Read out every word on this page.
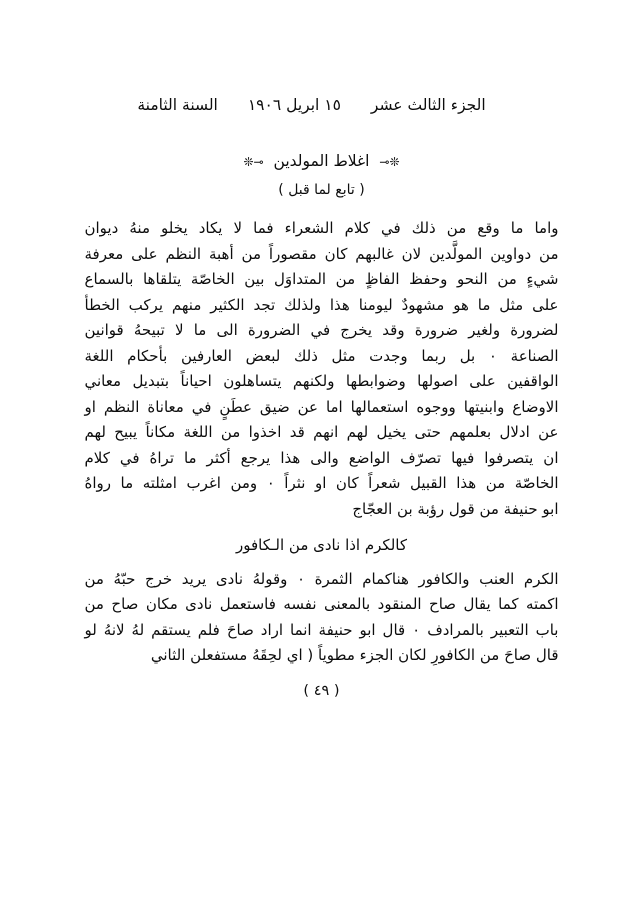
الجزء الثالث عشر
١٥ ابريل ١٩٠٦
السنة الثامنة
❊⊸ اغلاط المولدين ⊸❊
( تابع لما قبل )

واما ما وقع من ذلك في كلام الشعراء فما لا يكاد يخلو منهُ ديوان
من دواوين المولَّدين لان غالبهم كان مقصوراً من أهبة النظم على معرفة
شيءٍ من النحو وحفظ الفاظٍ من المتداوَل بين الخاصّة يتلقاها بالسماع
على مثل ما هو مشهودٌ ليومنا هذا ولذلك تجد الكثير منهم يركب الخطأ
لضرورة ولغير ضرورة وقد يخرج في الضرورة الى ما لا تبيحهُ قوانين
الصناعة ٠ بل ربما وجدت مثل ذلك لبعض العارفين بأحكام اللغة
الواقفين على اصولها وضوابطها ولكنهم يتساهلون احياناً بتبديل معاني
الاوضاع وابنيتها ووجوه استعمالها اما عن ضيق عطَنٍ في معاناة النظم او
عن ادلال بعلمهم حتى يخيل لهم انهم قد اخذوا من اللغة مكاناً يبيح لهم
ان يتصرفوا فيها تصرّف الواضع والى هذا يرجع أكثر ما تراهُ في كلام
الخاصّة من هذا القبيل شعراً كان او نثراً ٠ ومن اغرب امثلته ما رواهُ
ابو حنيفة من قول رؤبة بن العجّاج

كالكرم اذا نادى من الـكافور

الكرم العنب والكافور هناكمام الثمرة ٠ وقولهُ نادى يريد خرج حبّهُ من
اكمته كما يقال صاح المنقود بالمعنى نفسه فاستعمل نادى مكان صاح من
باب التعبير بالمرادف ٠ قال ابو حنيفة انما اراد صاحَ فلم يستقم لهُ لانهُ لو
قال صاحَ من الكافورِ لكان الجزء مطوياً ( اي لحِقَهُ مستفعلن الثاني

( ٤٩ )
